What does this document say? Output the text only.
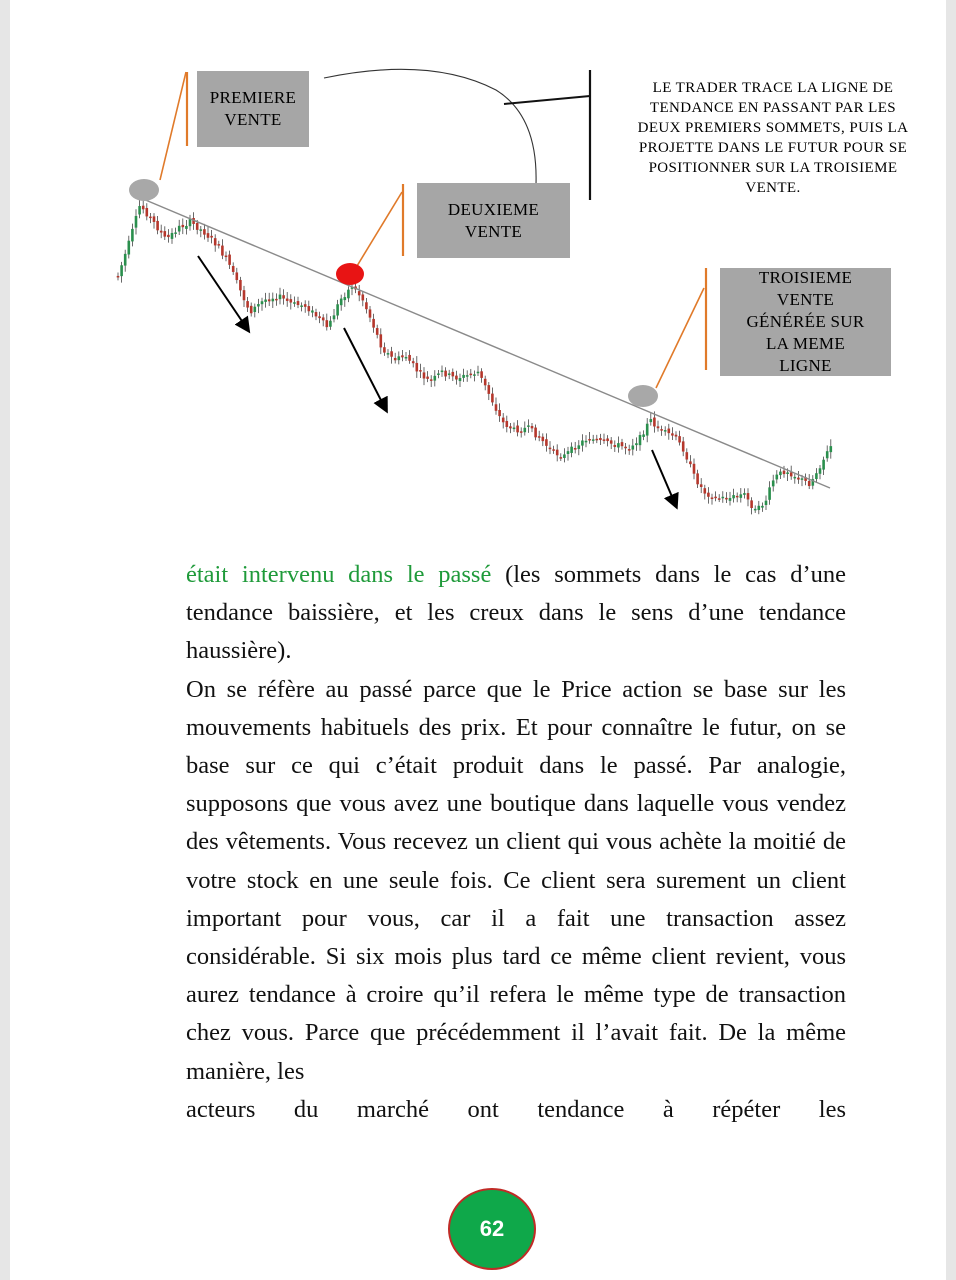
PREMIERE VENTE
DEUXIEME VENTE
TROISIEME VENTE GÉNÉRÉE SUR LA MEME LIGNE
LE TRADER TRACE LA LIGNE DE TENDANCE EN PASSANT PAR LES DEUX PREMIERS SOMMETS, PUIS LA PROJETTE DANS LE FUTUR POUR SE POSITIONNER SUR LA TROISIEME VENTE.

était intervenu dans le passé (les sommets dans le cas d’une tendance baissière, et les creux dans le sens d’une tendance haussière).

On se réfère au passé parce que le Price action se base sur les mouvements habituels des prix. Et pour connaître le futur, on se base sur ce qui c’était produit dans le passé. Par analogie, supposons que vous avez une boutique dans laquelle vous vendez des vêtements. Vous recevez un client qui vous achète la moitié de votre stock en une seule fois. Ce client sera surement un client important pour vous, car il a fait une transaction assez considérable. Si six mois plus tard ce même client revient, vous aurez tendance à croire qu’il refera le même type de transaction chez vous. Parce que précédemment il l’avait fait. De la même manière, les
acteurs du marché ont tendance à répéter les

62
